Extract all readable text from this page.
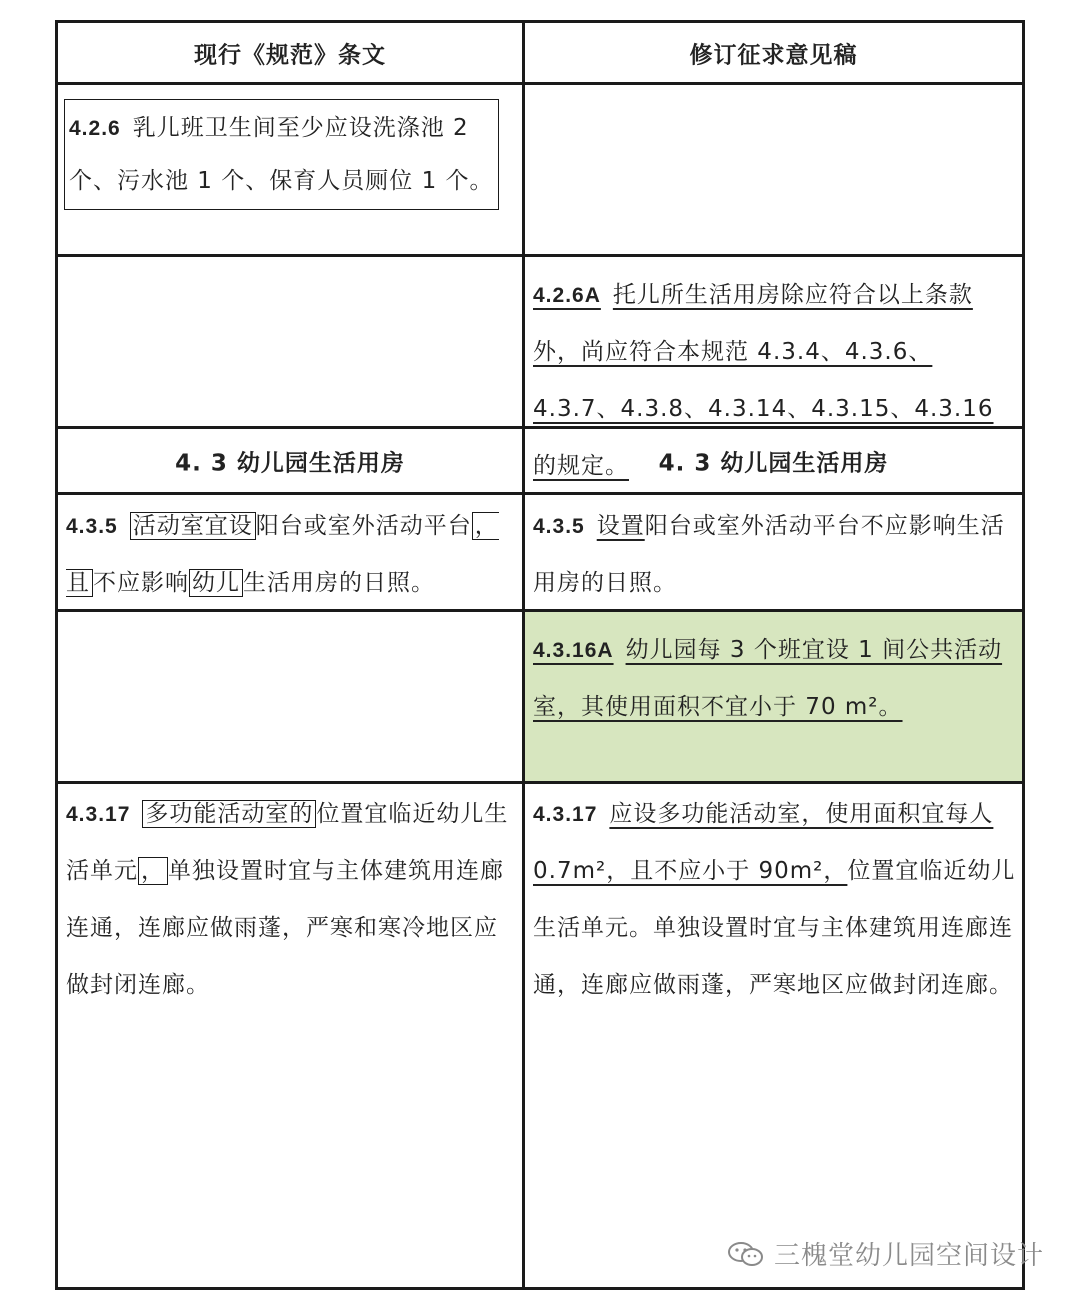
现行《规范》条文	修订征求意见稿
4.2.6 乳儿班卫生间至少应设洗涤池 2
个、污水池 1 个、保育人员厕位 1 个。
4.2.6A 托儿所生活用房除应符合以上条款外，尚应符合本规范 4.3.4、4.3.6、4.3.7、4.3.8、4.3.14、4.3.15、4.3.16 的规定。
4. 3 幼儿园生活用房	4. 3 幼儿园生活用房
4.3.5 活动室宜设 阳台或室外活动平台 ，且 不应影响 幼儿 生活用房的日照。
4.3.5 设置阳台或室外活动平台不应影响生活用房的日照。
4.3.16A 幼儿园每 3 个班宜设 1 间公共活动室，其使用面积不宜小于 70 m²。
4.3.17 多功能活动室的 位置宜临近幼儿生活单元 ， 单独设置时宜与主体建筑用连廊连通，连廊应做雨蓬，严寒和寒冷地区应做封闭连廊。
4.3.17 应设多功能活动室，使用面积宜每人 0.7m²，且不应小于 90m²，位置宜临近幼儿生活单元。单独设置时宜与主体建筑用连廊连通，连廊应做雨蓬，严寒地区应做封闭连廊。
三槐堂幼儿园空间设计
